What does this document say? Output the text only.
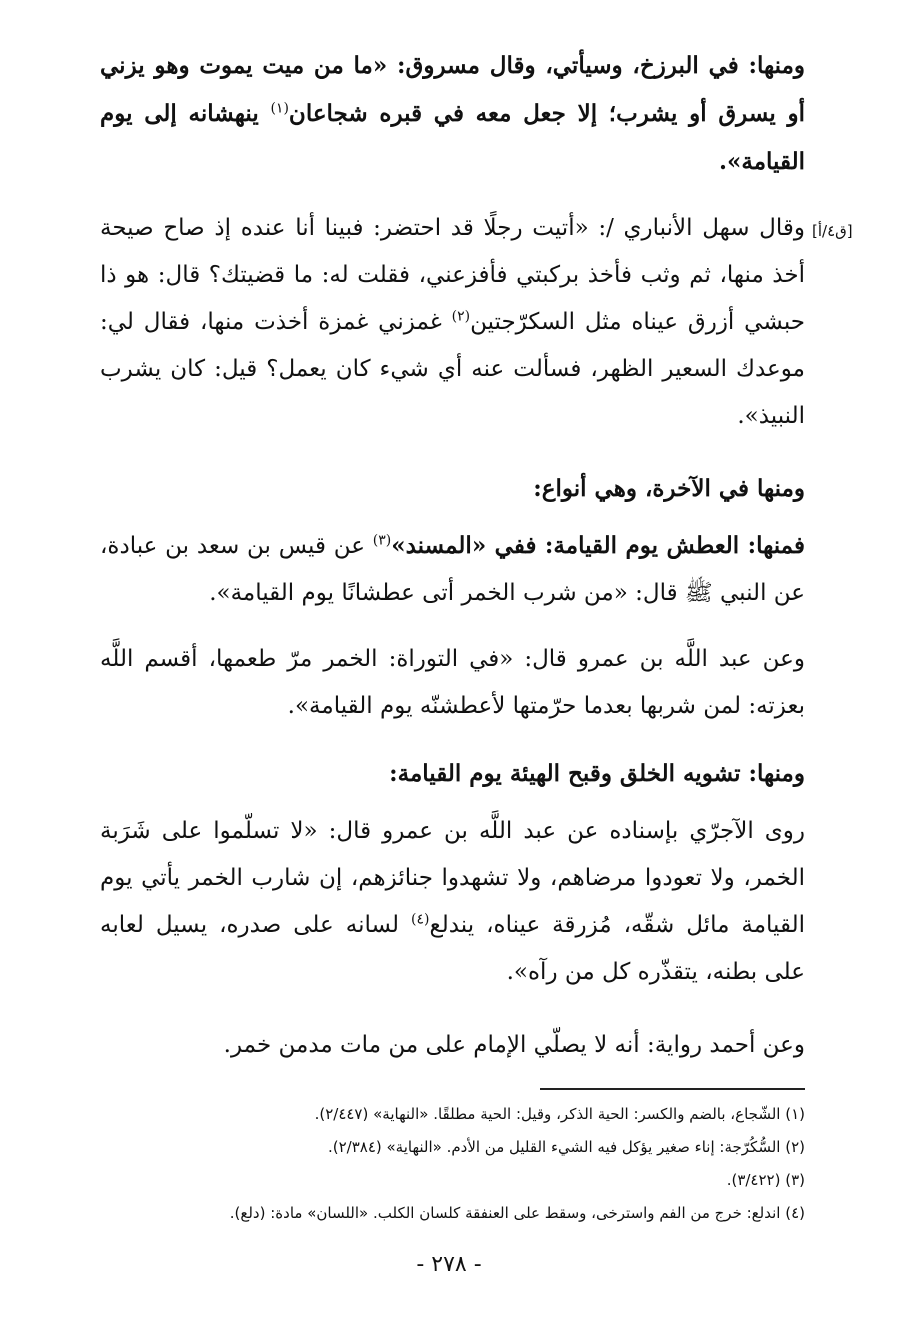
ومنها: في البرزخ، وسيأتي، وقال مسروق: «ما من ميت يموت وهو يزني أو يسرق أو يشرب؛ إلا جعل معه في قبره شجاعان$^{(١)}$ ينهشانه إلى يوم القيامة».
[ق٤/أ]
وقال سهل الأنباري /: «أتيت رجلًا قد احتضر: فبينا أنا عنده إذ صاح صيحة أخذ منها، ثم وثب فأخذ بركبتي فأفزعني، فقلت له: ما قضيتك؟ قال: هو ذا حبشي أزرق عيناه مثل السكرّجتين$^{(٢)}$ غمزني غمزة أخذت منها، فقال لي: موعدك السعير الظهر، فسألت عنه أي شيء كان يعمل؟ قيل: كان يشرب النبيذ».
ومنها في الآخرة، وهي أنواع:
فمنها: العطش يوم القيامة: ففي «المسند»$^{(٣)}$ عن قيس بن سعد بن عبادة، عن النبي ﷺ قال: «من شرب الخمر أتى عطشانًا يوم القيامة».
وعن عبد اللَّه بن عمرو قال: «في التوراة: الخمر مرّ طعمها، أقسم اللَّه بعزته: لمن شربها بعدما حرّمتها لأعطشنّه يوم القيامة».
ومنها: تشويه الخلق وقبح الهيئة يوم القيامة:
روى الآجرّي بإسناده عن عبد اللَّه بن عمرو قال: «لا تسلّموا على شَرَبة الخمر، ولا تعودوا مرضاهم، ولا تشهدوا جنائزهم، إن شارب الخمر يأتي يوم القيامة مائل شقّه، مُزرقة عيناه، يندلع$^{(٤)}$ لسانه على صدره، يسيل لعابه على بطنه، يتقذّره كل من رآه».
وعن أحمد رواية: أنه لا يصلّي الإمام على من مات مدمن خمر.
(١) الشّجاع، بالضم والكسر: الحية الذكر، وقيل: الحية مطلقًا. «النهاية» (٢/٤٤٧).
(٢) السُّكُرّجة: إناء صغير يؤكل فيه الشيء القليل من الأدم. «النهاية» (٢/٣٨٤).
(٣) (٣/٤٢٢).
(٤) اندلع: خرج من الفم واسترخى، وسقط على العنفقة كلسان الكلب. «اللسان» مادة: (دلع).
- ٢٧٨ -
